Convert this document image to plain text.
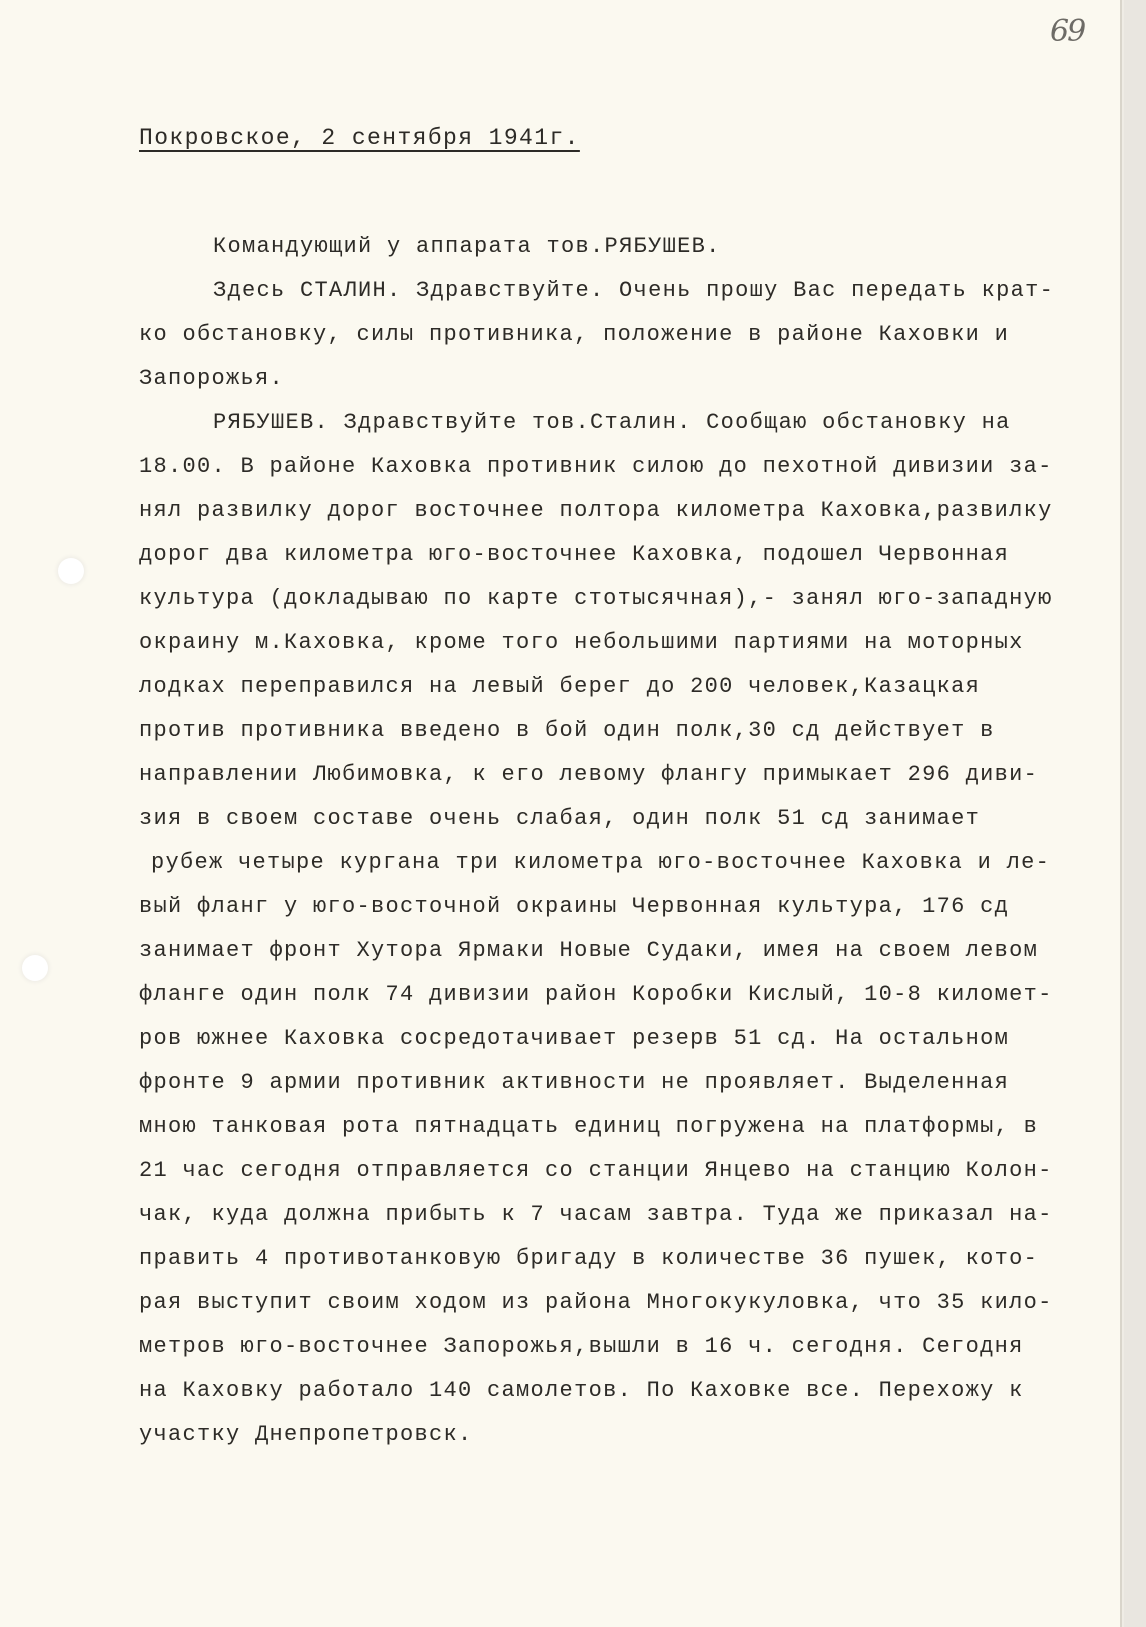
69
Покровское, 2 сентября 1941г.
Командующий у аппарата тов.РЯБУШЕВ.
Здесь СТАЛИН. Здравствуйте. Очень прошу Вас передать крат-
ко обстановку, силы противника, положение в районе Каховки и
Запорожья.
РЯБУШЕВ. Здравствуйте тов.Сталин. Сообщаю обстановку на
18.00. В районе Каховка противник силою до пехотной дивизии за-
нял развилку дорог восточнее полтора километра Каховка,развилку
дорог два километра юго-восточнее Каховка, подошел Червонная
культура (докладываю по карте стотысячная),- занял юго-западную
окраину м.Каховка, кроме того небольшими партиями на моторных
лодках переправился на левый берег до 200 человек,Казацкая
против противника введено в бой один полк,30 сд действует в
направлении Любимовка, к его левому флангу примыкает 296 диви-
зия в своем составе очень слабая, один полк 51 сд занимает
рубеж четыре кургана три километра юго-восточнее Каховка и ле-
вый фланг у юго-восточной окраины Червонная культура, 176 сд
занимает фронт Хутора Ярмаки Новые Судаки, имея на своем левом
фланге один полк 74 дивизии район Коробки Кислый, 10-8 километ-
ров южнее Каховка сосредотачивает резерв 51 сд. На остальном
фронте 9 армии противник активности не проявляет. Выделенная
мною танковая рота пятнадцать единиц погружена на платформы, в
21 час сегодня отправляется со станции Янцево на станцию Колон-
чак, куда должна прибыть к 7 часам завтра. Туда же приказал на-
править 4 противотанковую бригаду в количестве 36 пушек, кото-
рая выступит своим ходом из района Многокукуловка, что 35 кило-
метров юго-восточнее Запорожья,вышли в 16 ч. сегодня. Сегодня
на Каховку работало 140 самолетов. По Каховке все. Перехожу к
участку Днепропетровск.
